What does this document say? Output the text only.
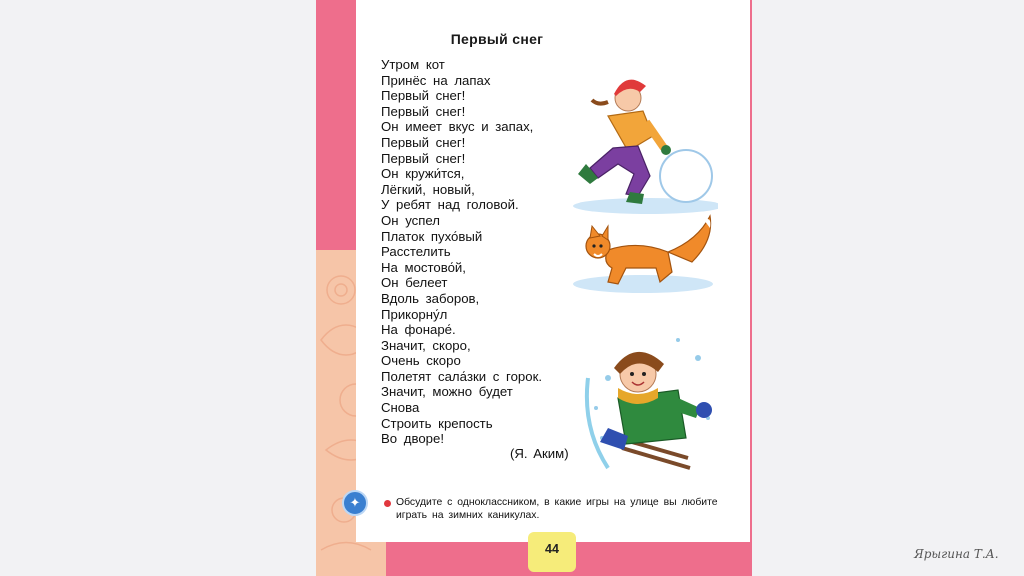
Первый снег
Утром кот
Принёс на лапах
Первый снег!
Первый снег!
Он имеет вкус и запах,
Первый снег!
Первый снег!
Он кружи́тся,
Лёгкий, новый,
У ребят над головой.
Он успел
Платок пухо́вый
Расстелить
На мостово́й,
Он белеет
Вдоль заборов,
Прикорну́л
На фонаре́.
Значит, скоро,
Очень скоро
Полетят сала́зки с горок.
Значит, можно будет
Снова
Строить крепость
Во дворе!
(Я. Аким)
✦	Обсудите с одноклассником, в какие игры на улице вы любите играть на зимних каникулах.
44	Ярыгина Т.А.
